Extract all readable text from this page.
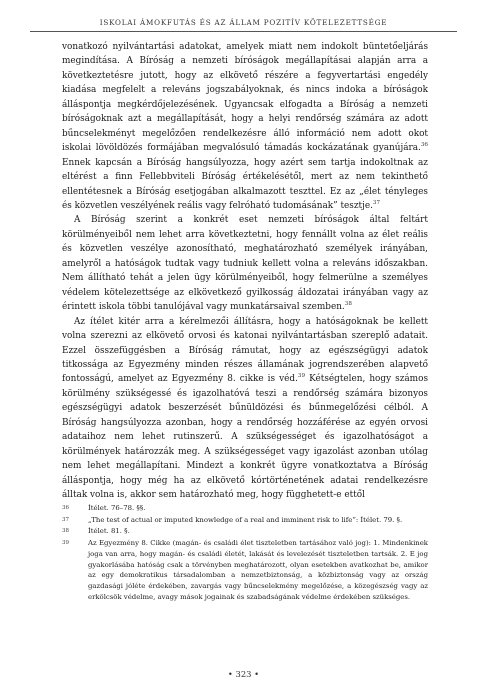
ISKOLAI ÁMOKFUTÁS ÉS AZ ÁLLAM POZITÍV KÖTELEZETTSÉGE

vonatkozó nyilvántartási adatokat, amelyek miatt nem indokolt büntetőeljárás megindítása. A Bíróság a nemzeti bíróságok megállapításai alapján arra a következtetésre jutott, hogy az elkövető részére a fegyvertartási engedély kiadása megfelelt a releváns jogszabályoknak, és nincs indoka a bíróságok álláspontja megkérdőjelezésének. Ugyancsak elfogadta a Bíróság a nemzeti bíróságoknak azt a megállapítását, hogy a helyi rendőrség számára az adott bűncselekményt megelőzően rendelkezésre álló információ nem adott okot iskolai lövöldözés formájában megvalósuló támadás kockázatának gyanújára.$^{36}$ Ennek kapcsán a Bíróság hangsúlyozza, hogy azért sem tartja indokoltnak az eltérést a finn Fellebbviteli Bíróság értékelésétől, mert az nem tekinthető ellentétesnek a Bíróság esetjogában alkalmazott teszttel. Ez az „élet tényleges és közvetlen veszélyének reális vagy felróható tudomásának” tesztje.$^{37}$

A Bíróság szerint a konkrét eset nemzeti bíróságok által feltárt körülményeiből nem lehet arra következtetni, hogy fennállt volna az élet reális és közvetlen veszélye azonosítható, meghatározható személyek irányában, amelyről a hatóságok tudtak vagy tudniuk kellett volna a releváns időszakban. Nem állítható tehát a jelen ügy körülményeiből, hogy felmerülne a személyes védelem kötelezettsége az elkövetkező gyilkosság áldozatai irányában vagy az érintett iskola többi tanulójával vagy munkatársaival szemben.$^{38}$

Az ítélet kitér arra a kérelmezői állításra, hogy a hatóságoknak be kellett volna szerezni az elkövető orvosi és katonai nyilvántartásban szereplő adatait. Ezzel összefüggésben a Bíróság rámutat, hogy az egészségügyi adatok titkossága az Egyezmény minden részes államának jogrendszerében alapvető fontosságú, amelyet az Egyezmény 8. cikke is véd.$^{39}$ Kétségtelen, hogy számos körülmény szükségessé és igazolhatóvá teszi a rendőrség számára bizonyos egészségügyi adatok beszerzését bűnüldözési és bűnmegelőzési célból. A Bíróság hangsúlyozza azonban, hogy a rendőrség hozzáférése az egyén orvosi adataihoz nem lehet rutinszerű. A szükségességet és igazolhatóságot a körülmények határozzák meg. A szükségességet vagy igazolást azonban utólag nem lehet megállapítani. Mindezt a konkrét ügyre vonatkoztatva a Bíróság álláspontja, hogy még ha az elkövető kórtörténetének adatai rendelkezésre álltak volna is, akkor sem határozható meg, hogy függhetett-e ettől

36	Ítélet. 76–78. §§.
37	„The test of actual or imputed knowledge of a real and imminent risk to life”: Ítélet. 79. §.
38	Ítélet. 81. §.
39	Az Egyezmény 8. Cikke (magán- és családi élet tiszteletben tartásához való jog): 1. Mindenkinek joga van arra, hogy magán- és családi életét, lakását és levelezését tiszteletben tartsák. 2. E jog gyakorlásába hatóság csak a törvényben meghatározott, olyan esetekben avatkozhat be, amikor az egy demokratikus társadalomban a nemzetbiztonság, a közbiztonság vagy az ország gazdasági jóléte érdekében, zavargás vagy bűncselekmény megelőzése, a közegészség vagy az erkölcsök védelme, avagy mások jogainak és szabadságának védelme érdekében szükséges.
• 323 •
